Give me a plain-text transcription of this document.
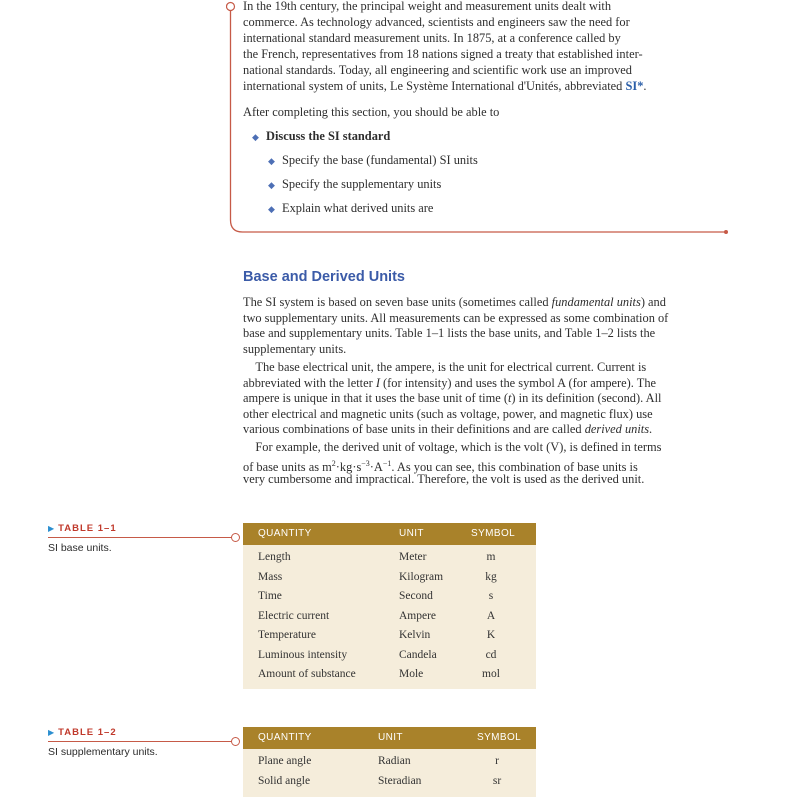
In the 19th century, the principal weight and measurement units dealt with
commerce. As technology advanced, scientists and engineers saw the need for
international standard measurement units. In 1875, at a conference called by
the French, representatives from 18 nations signed a treaty that established inter-
national standards. Today, all engineering and scientific work use an improved
international system of units, Le Système International d'Unités, abbreviated SI*.
After completing this section, you should be able to
◆ Discuss the SI standard
◆ Specify the base (fundamental) SI units
◆ Specify the supplementary units
◆ Explain what derived units are
Base and Derived Units
The SI system is based on seven base units (sometimes called fundamental units) and
two supplementary units. All measurements can be expressed as some combination of
base and supplementary units. Table 1–1 lists the base units, and Table 1–2 lists the
supplementary units.
 The base electrical unit, the ampere, is the unit for electrical current. Current is
abbreviated with the letter I (for intensity) and uses the symbol A (for ampere). The
ampere is unique in that it uses the base unit of time (t) in its definition (second). All
other electrical and magnetic units (such as voltage, power, and magnetic flux) use
various combinations of base units in their definitions and are called derived units.
 For example, the derived unit of voltage, which is the volt (V), is defined in terms
of base units as $m^2\cdot kg\cdot s^{-3}\cdot A^{-1}$. As you can see, this combination of base units is
very cumbersome and impractical. Therefore, the volt is used as the derived unit.
▶ TABLE 1–1
SI base units.
QUANTITY	UNIT	SYMBOL
Length	Meter	m
Mass	Kilogram	kg
Time	Second	s
Electric current	Ampere	A
Temperature	Kelvin	K
Luminous intensity	Candela	cd
Amount of substance	Mole	mol
▶ TABLE 1–2
SI supplementary units.
QUANTITY	UNIT	SYMBOL
Plane angle	Radian	r
Solid angle	Steradian	sr
